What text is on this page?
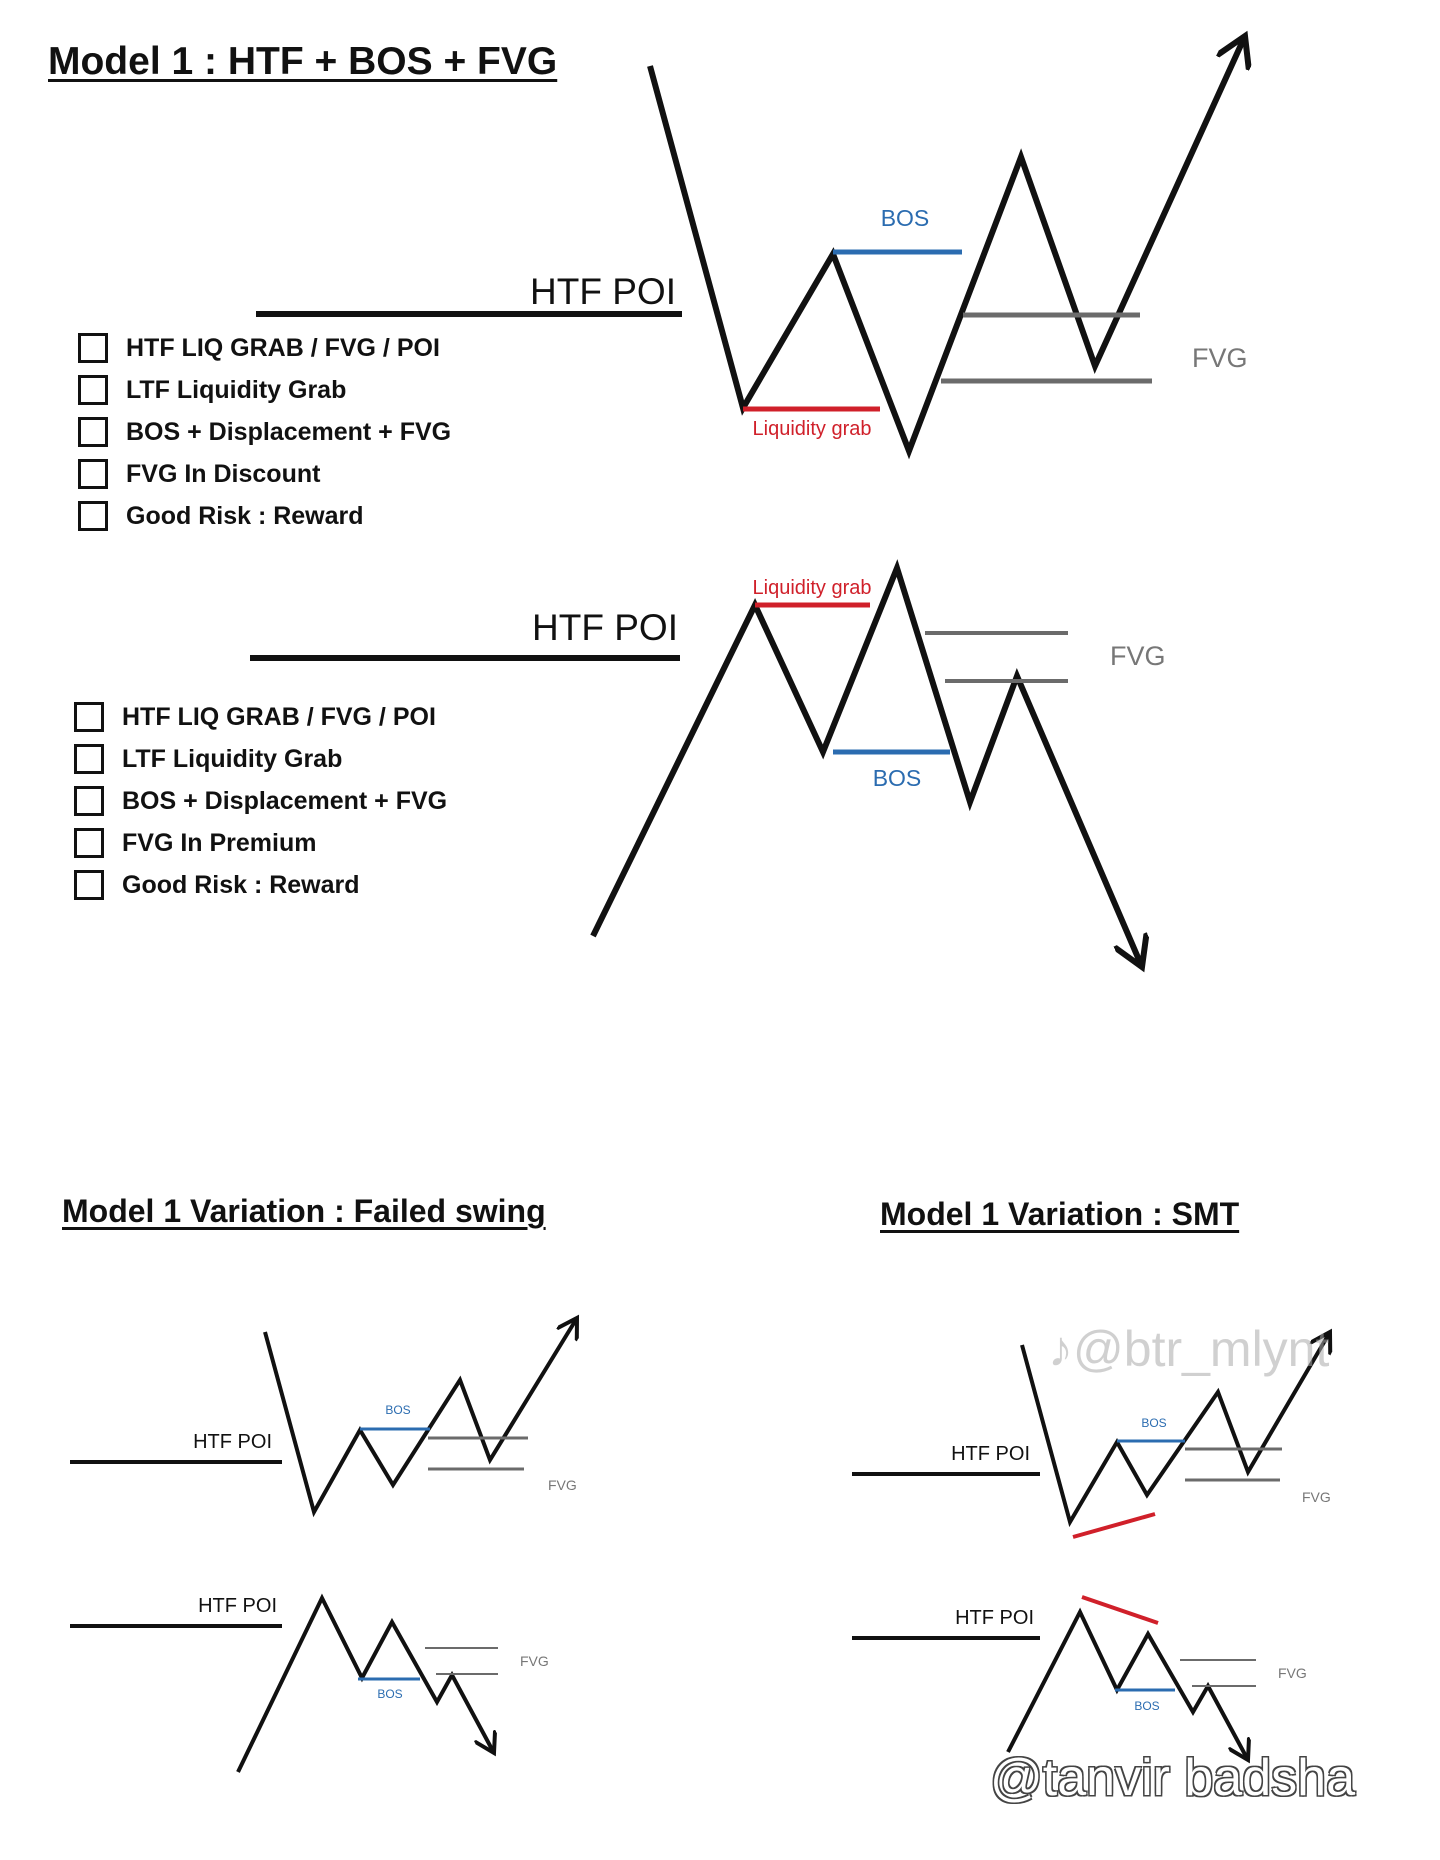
Model 1 : HTF + BOS + FVG
HTF LIQ GRAB / FVG / POI
LTF Liquidity Grab
BOS + Displacement + FVG
FVG In Discount
Good Risk : Reward
HTF LIQ GRAB / FVG / POI
LTF Liquidity Grab
BOS + Displacement + FVG
FVG In Premium
Good Risk : Reward
Model 1 Variation : Failed swing	Model 1 Variation : SMT
HTF POI
BOS
Liquidity grab
FVG
HTF POI
Liquidity grab
BOS
FVG
HTF POI
BOS
FVG
HTF POI
BOS
FVG
HTF POI
BOS
FVG
HTF POI
BOS
FVG
♪@btr_mlynt
@tanvir badsha
